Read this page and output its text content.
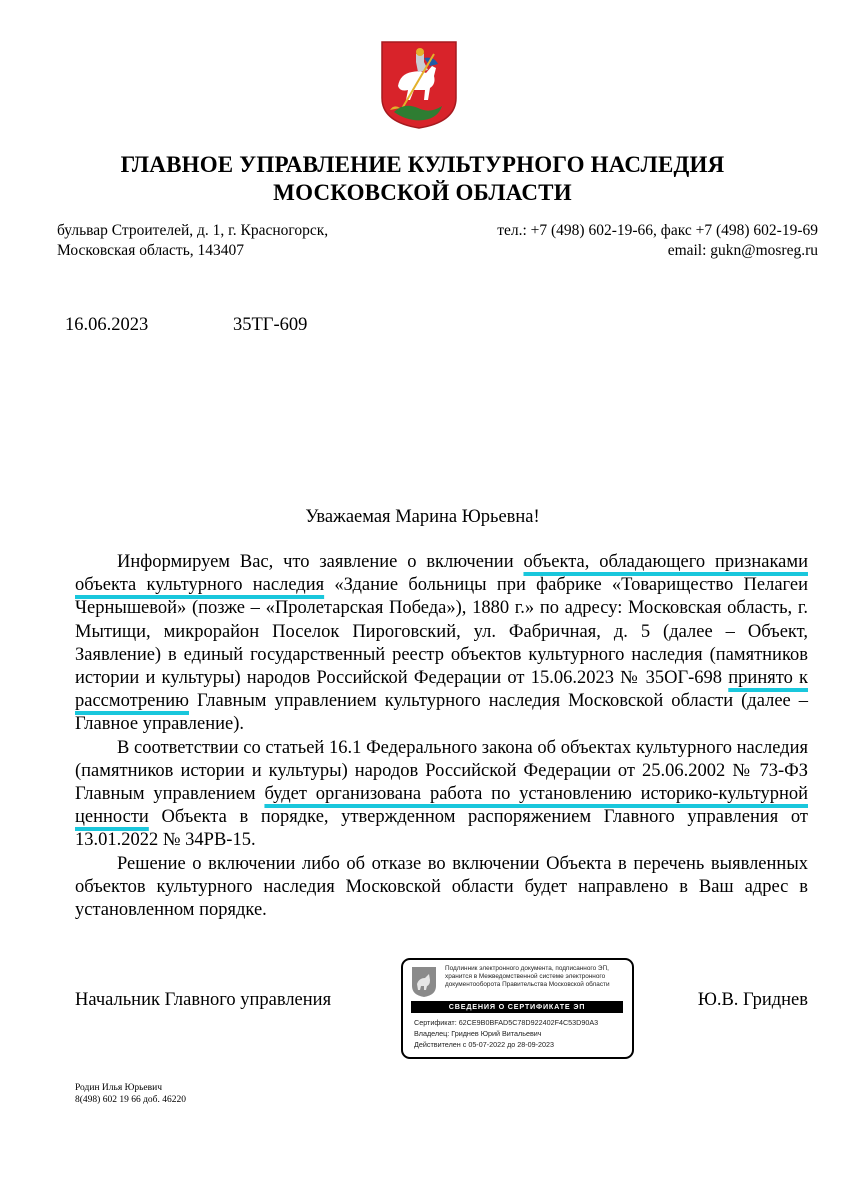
ГЛАВНОЕ УПРАВЛЕНИЕ КУЛЬТУРНОГО НАСЛЕДИЯ
МОСКОВСКОЙ ОБЛАСТИ
бульвар Строителей, д. 1, г. Красногорск,
Московская область, 143407
тел.: +7 (498) 602-19-66, факс +7 (498) 602-19-69
email: gukn@mosreg.ru
16.06.2023	35ТГ-609
Уважаемая Марина Юрьевна!

Информируем Вас, что заявление о включении объекта, обладающего признаками объекта культурного наследия «Здание больницы при фабрике «Товарищество Пелагеи Чернышевой» (позже – «Пролетарская Победа»), 1880 г.» по адресу: Московская область, г. Мытищи, микрорайон Поселок Пироговский, ул. Фабричная, д. 5 (далее – Объект, Заявление) в единый государственный реестр объектов культурного наследия (памятников истории и культуры) народов Российской Федерации от 15.06.2023 № 35ОГ-698 принято к рассмотрению Главным управлением культурного наследия Московской области (далее – Главное управление).

В соответствии со статьей 16.1 Федерального закона об объектах культурного наследия (памятников истории и культуры) народов Российской Федерации от 25.06.2002 № 73-ФЗ Главным управлением будет организована работа по установлению историко-культурной ценности Объекта в порядке, утвержденном распоряжением Главного управления от 13.01.2022 № 34РВ-15.

Решение о включении либо об отказе во включении Объекта в перечень выявленных объектов культурного наследия Московской области будет направлено в Ваш адрес в установленном порядке.

Начальник Главного управления	Ю.В. Гриднев
Подлинник электронного документа, подписанного ЭП, хранится в Межведомственной системе электронного документооборота Правительства Московской области
СВЕДЕНИЯ О СЕРТИФИКАТЕ ЭП
Сертификат: 62CE9B0BFAD5C78D922402F4C53D90A3
Владелец: Гриднев Юрий Витальевич
Действителен с 05-07-2022 до 28-09-2023
Родин Илья Юрьевич
8(498) 602 19 66 доб. 46220
